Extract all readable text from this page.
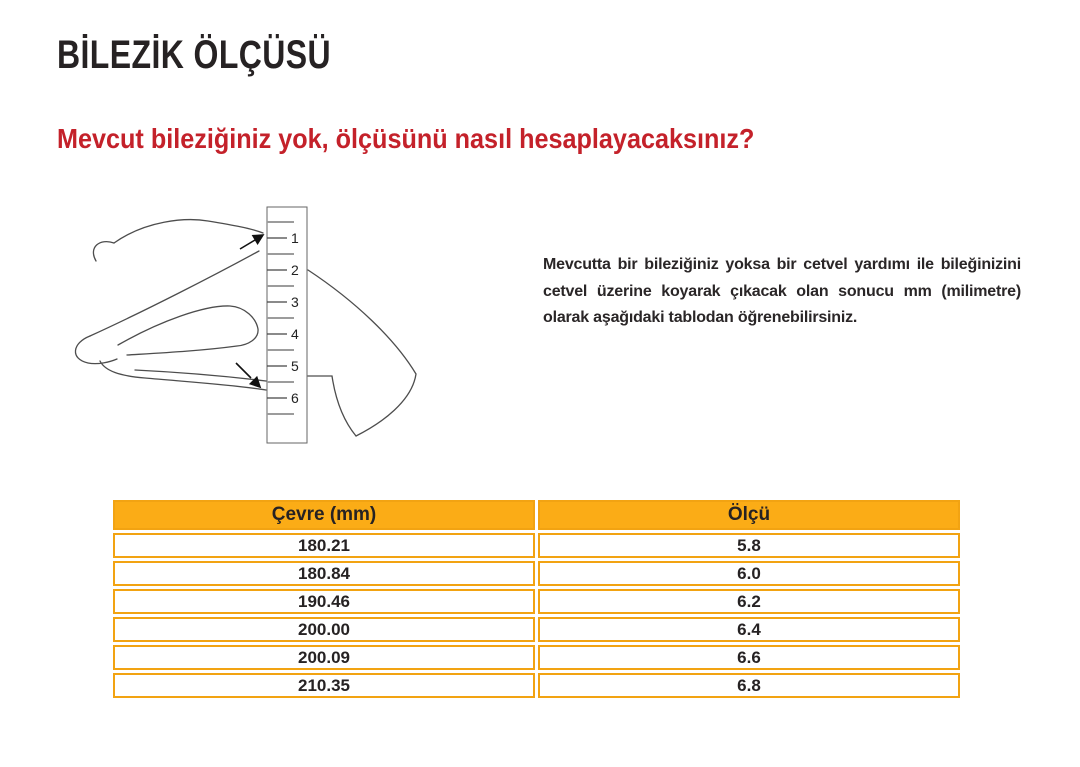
BİLEZİK ÖLÇÜSÜ
Mevcut bileziğiniz yok, ölçüsünü nasıl hesaplayacaksınız?
1
2
3
4
5
6

Mevcutta bir bileziğiniz yoksa bir cetvel yardımı ile bileğinizini cetvel üzerine koyarak çıkacak olan sonucu mm (milimetre) olarak aşağıdaki tablodan öğrenebilirsiniz.

Çevre (mm)	Ölçü
180.21	5.8
180.84	6.0
190.46	6.2
200.00	6.4
200.09	6.6
210.35	6.8
